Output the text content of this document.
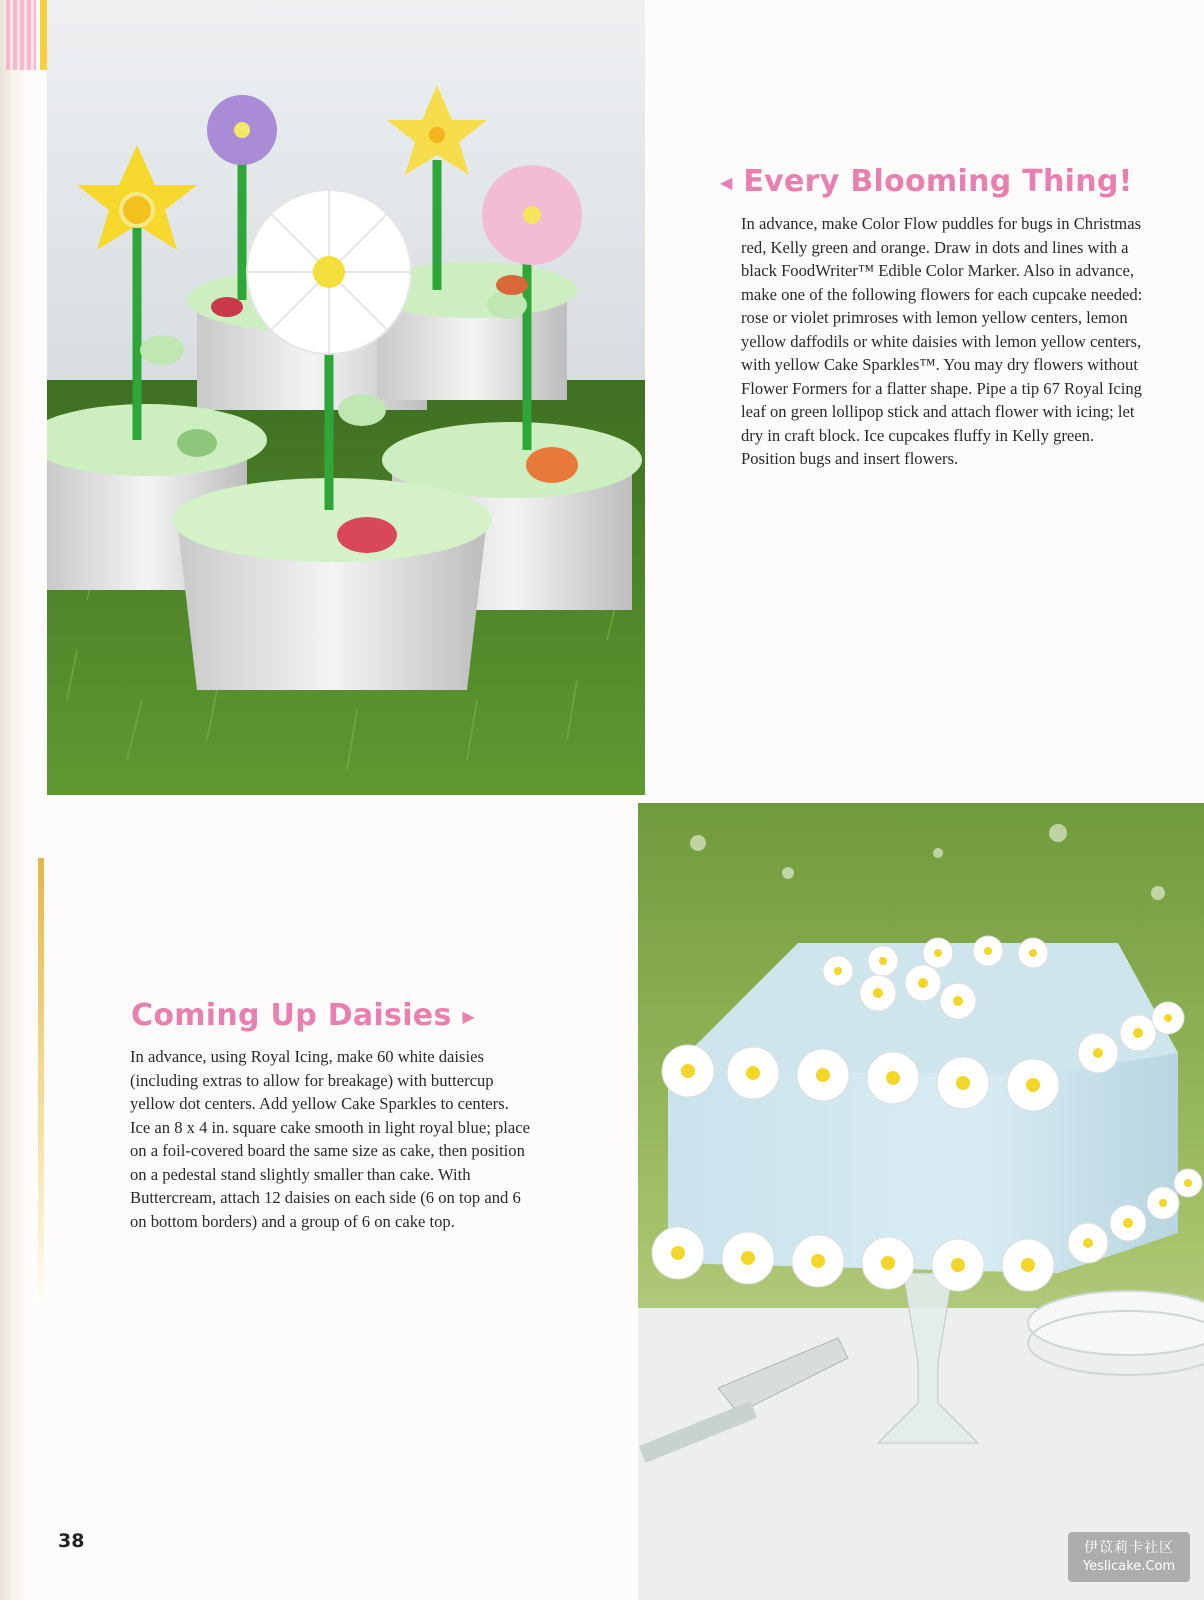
◀ Every Blooming Thing!
In advance, make Color Flow puddles for bugs in Christmas red, Kelly green and orange. Draw in dots and lines with a black FoodWriter™ Edible Color Marker. Also in advance, make one of the following flowers for each cupcake needed: rose or violet primroses with lemon yellow centers, lemon yellow daffodils or white daisies with lemon yellow centers, with yellow Cake Sparkles™. You may dry flowers without Flower Formers for a flatter shape. Pipe a tip 67 Royal Icing leaf on green lollipop stick and attach flower with icing; let dry in craft block. Ice cupcakes fluffy in Kelly green. Position bugs and insert flowers.
Coming Up Daisies ▶
In advance, using Royal Icing, make 60 white daisies (including extras to allow for breakage) with buttercup yellow dot centers. Add yellow Cake Sparkles to centers. Ice an 8 x 4 in. square cake smooth in light royal blue; place on a foil-covered board the same size as cake, then position on a pedestal stand slightly smaller than cake. With Buttercream, attach 12 daisies on each side (6 on top and 6 on bottom borders) and a group of 6 on cake top.
38	伊苡莉卡社区
Yeslicake.Com
